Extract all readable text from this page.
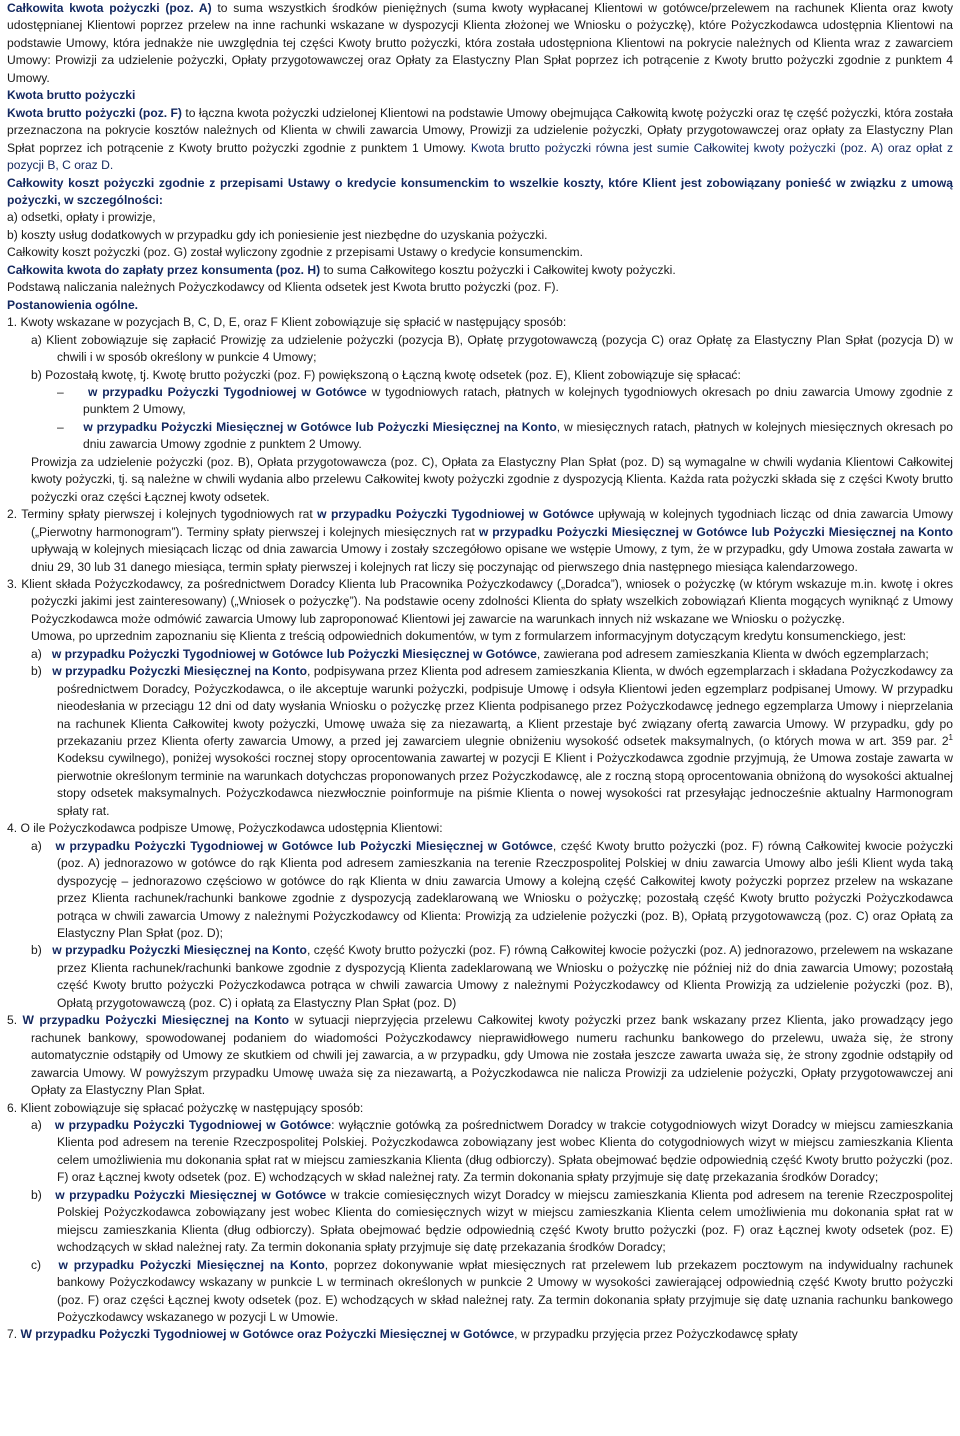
Całkowita kwota pożyczki (poz. A) to suma wszystkich środków pieniężnych (suma kwoty wypłacanej Klientowi w gotówce/przelewem na rachunek Klienta oraz kwoty udostępnianej Klientowi poprzez przelew na inne rachunki wskazane w dyspozycji Klienta złożonej we Wniosku o pożyczkę), które Pożyczkodawca udostępnia Klientowi na podstawie Umowy, która jednakże nie uwzględnia tej części Kwoty brutto pożyczki, która została udostępniona Klientowi na pokrycie należnych od Klienta wraz z zawarciem Umowy: Prowizji za udzielenie pożyczki, Opłaty przygotowawczej oraz Opłaty za Elastyczny Plan Spłat poprzez ich potrącenie z Kwoty brutto pożyczki zgodnie z punktem 4 Umowy.

Kwota brutto pożyczki

Kwota brutto pożyczki (poz. F) to łączna kwota pożyczki udzielonej Klientowi na podstawie Umowy obejmująca Całkowitą kwotę pożyczki oraz tę część pożyczki, która została przeznaczona na pokrycie kosztów należnych od Klienta w chwili zawarcia Umowy, Prowizji za udzielenie pożyczki, Opłaty przygotowawczej oraz opłaty za Elastyczny Plan Spłat poprzez ich potrącenie z Kwoty brutto pożyczki zgodnie z punktem 1 Umowy. Kwota brutto pożyczki równa jest sumie Całkowitej kwoty pożyczki (poz. A) oraz opłat z pozycji B, C oraz D.

Całkowity koszt pożyczki zgodnie z przepisami Ustawy o kredycie konsumenckim to wszelkie koszty, które Klient jest zobowiązany ponieść w związku z umową pożyczki, w szczególności:

a) odsetki, opłaty i prowizje,

b) koszty usług dodatkowych w przypadku gdy ich poniesienie jest niezbędne do uzyskania pożyczki.

Całkowity koszt pożyczki (poz. G) został wyliczony zgodnie z przepisami Ustawy o kredycie konsumenckim.

Całkowita kwota do zapłaty przez konsumenta (poz. H) to suma Całkowitego kosztu pożyczki i Całkowitej kwoty pożyczki.

Podstawą naliczania należnych Pożyczkodawcy od Klienta odsetek jest Kwota brutto pożyczki (poz. F).

Postanowienia ogólne.

1. Kwoty wskazane w pozycjach B, C, D, E, oraz F Klient zobowiązuje się spłacić w następujący sposób:

a) Klient zobowiązuje się zapłacić Prowizję za udzielenie pożyczki (pozycja B), Opłatę przygotowawczą (pozycja C) oraz Opłatę za Elastyczny Plan Spłat (pozycja D) w chwili i w sposób określony w punkcie 4 Umowy;

b) Pozostałą kwotę, tj. Kwotę brutto pożyczki (poz. F) powiększoną o Łączną kwotę odsetek (poz. E), Klient zobowiązuje się spłacać:

–     w przypadku Pożyczki Tygodniowej w Gotówce w tygodniowych ratach, płatnych w kolejnych tygodniowych okresach po dniu zawarcia Umowy zgodnie z punktem 2 Umowy,

–     w przypadku Pożyczki Miesięcznej w Gotówce lub Pożyczki Miesięcznej na Konto, w miesięcznych ratach, płatnych w kolejnych miesięcznych okresach po dniu zawarcia Umowy zgodnie z punktem 2 Umowy.

Prowizja za udzielenie pożyczki (poz. B), Opłata przygotowawcza (poz. C), Opłata za Elastyczny Plan Spłat (poz. D) są wymagalne w chwili wydania Klientowi Całkowitej kwoty pożyczki, tj. są należne w chwili wydania albo przelewu Całkowitej kwoty pożyczki zgodnie z dyspozycją Klienta. Każda rata pożyczki składa się z części Kwoty brutto pożyczki oraz części Łącznej kwoty odsetek.

2. Terminy spłaty pierwszej i kolejnych tygodniowych rat w przypadku Pożyczki Tygodniowej w Gotówce upływają w kolejnych tygodniach licząc od dnia zawarcia Umowy („Pierwotny harmonogram”). Terminy spłaty pierwszej i kolejnych miesięcznych rat w przypadku Pożyczki Miesięcznej w Gotówce lub Pożyczki Miesięcznej na Konto upływają w kolejnych miesiącach licząc od dnia zawarcia Umowy i zostały szczegółowo opisane we wstępie Umowy, z tym, że w przypadku, gdy Umowa została zawarta w dniu 29, 30 lub 31 danego miesiąca, termin spłaty pierwszej i kolejnych rat liczy się poczynając od pierwszego dnia następnego miesiąca kalendarzowego.

3. Klient składa Pożyczkodawcy, za pośrednictwem Doradcy Klienta lub Pracownika Pożyczkodawcy („Doradca”), wniosek o pożyczkę (w którym wskazuje m.in. kwotę i okres pożyczki jakimi jest zainteresowany) („Wniosek o pożyczkę”). Na podstawie oceny zdolności Klienta do spłaty wszelkich zobowiązań Klienta mogących wyniknąć z Umowy Pożyczkodawca może odmówić zawarcia Umowy lub zaproponować Klientowi jej zawarcie na warunkach innych niż wskazane we Wniosku o pożyczkę.

Umowa, po uprzednim zapoznaniu się Klienta z treścią odpowiednich dokumentów, w tym z formularzem informacyjnym dotyczącym kredytu konsumenckiego, jest:

a)   w przypadku Pożyczki Tygodniowej w Gotówce lub Pożyczki Miesięcznej w Gotówce, zawierana pod adresem zamieszkania Klienta w dwóch egzemplarzach;

b)   w przypadku Pożyczki Miesięcznej na Konto, podpisywana przez Klienta pod adresem zamieszkania Klienta, w dwóch egzemplarzach i składana Pożyczkodawcy za pośrednictwem Doradcy, Pożyczkodawca, o ile akceptuje warunki pożyczki, podpisuje Umowę i odsyła Klientowi jeden egzemplarz podpisanej Umowy. W przypadku nieodesłania w przeciągu 12 dni od daty wysłania Wniosku o pożyczkę przez Klienta podpisanego przez Pożyczkodawcę jednego egzemplarza Umowy i nieprzelania na rachunek Klienta Całkowitej kwoty pożyczki, Umowę uważa się za niezawartą, a Klient przestaje być związany ofertą zawarcia Umowy. W przypadku, gdy po przekazaniu przez Klienta oferty zawarcia Umowy, a przed jej zawarciem ulegnie obniżeniu wysokość odsetek maksymalnych, (o których mowa w art. 359 par. $2^1$ Kodeksu cywilnego), poniżej wysokości rocznej stopy oprocentowania zawartej w pozycji E Klient i Pożyczkodawca zgodnie przyjmują, że Umowa zostaje zawarta w pierwotnie określonym terminie na warunkach dotychczas proponowanych przez Pożyczkodawcę, ale z roczną stopą oprocentowania obniżoną do wysokości aktualnej stopy odsetek maksymalnych. Pożyczkodawca niezwłocznie poinformuje na piśmie Klienta o nowej wysokości rat przesyłając jednocześnie aktualny Harmonogram spłaty rat.

4. O ile Pożyczkodawca podpisze Umowę, Pożyczkodawca udostępnia Klientowi:

a)   w przypadku Pożyczki Tygodniowej w Gotówce lub Pożyczki Miesięcznej w Gotówce, część Kwoty brutto pożyczki (poz. F) równą Całkowitej kwocie pożyczki (poz. A) jednorazowo w gotówce do rąk Klienta pod adresem zamieszkania na terenie Rzeczpospolitej Polskiej w dniu zawarcia Umowy albo jeśli Klient wyda taką dyspozycję – jednorazowo częściowo w gotówce do rąk Klienta w dniu zawarcia Umowy a kolejną część Całkowitej kwoty pożyczki poprzez przelew na wskazane przez Klienta rachunek/rachunki bankowe zgodnie z dyspozycją zadeklarowaną we Wniosku o pożyczkę; pozostałą część Kwoty brutto pożyczki Pożyczkodawca potrąca w chwili zawarcia Umowy z należnymi Pożyczkodawcy od Klienta: Prowizją za udzielenie pożyczki (poz. B), Opłatą przygotowawczą (poz. C) oraz Opłatą za Elastyczny Plan Spłat (poz. D);

b)   w przypadku Pożyczki Miesięcznej na Konto, część Kwoty brutto pożyczki (poz. F) równą Całkowitej kwocie pożyczki (poz. A) jednorazowo, przelewem na wskazane przez Klienta rachunek/rachunki bankowe zgodnie z dyspozycją Klienta zadeklarowaną we Wniosku o pożyczkę nie później niż do dnia zawarcia Umowy; pozostałą część Kwoty brutto pożyczki Pożyczkodawca potrąca w chwili zawarcia Umowy z należnymi Pożyczkodawcy od Klienta Prowizją za udzielenie pożyczki (poz. B), Opłatą przygotowawczą (poz. C) i opłatą za Elastyczny Plan Spłat (poz. D)

5. W przypadku Pożyczki Miesięcznej na Konto w sytuacji nieprzyjęcia przelewu Całkowitej kwoty pożyczki przez bank wskazany przez Klienta, jako prowadzący jego rachunek bankowy, spowodowanej podaniem do wiadomości Pożyczkodawcy nieprawidłowego numeru rachunku bankowego do przelewu, uważa się, że strony automatycznie odstąpiły od Umowy ze skutkiem od chwili jej zawarcia, a w przypadku, gdy Umowa nie została jeszcze zawarta uważa się, że strony zgodnie odstąpiły od zawarcia Umowy. W powyższym przypadku Umowę uważa się za niezawartą, a Pożyczkodawca nie nalicza Prowizji za udzielenie pożyczki, Opłaty przygotowawczej ani Opłaty za Elastyczny Plan Spłat.

6. Klient zobowiązuje się spłacać pożyczkę w następujący sposób:

a)   w przypadku Pożyczki Tygodniowej w Gotówce: wyłącznie gotówką za pośrednictwem Doradcy w trakcie cotygodniowych wizyt Doradcy w miejscu zamieszkania Klienta pod adresem na terenie Rzeczpospolitej Polskiej. Pożyczkodawca zobowiązany jest wobec Klienta do cotygodniowych wizyt w miejscu zamieszkania Klienta celem umożliwienia mu dokonania spłat rat w miejscu zamieszkania Klienta (dług odbiorczy). Spłata obejmować będzie odpowiednią część Kwoty brutto pożyczki (poz. F) oraz Łącznej kwoty odsetek (poz. E) wchodzących w skład należnej raty. Za termin dokonania spłaty przyjmuje się datę przekazania środków Doradcy;

b)   w przypadku Pożyczki Miesięcznej w Gotówce w trakcie comiesięcznych wizyt Doradcy w miejscu zamieszkania Klienta pod adresem na terenie Rzeczpospolitej Polskiej Pożyczkodawca zobowiązany jest wobec Klienta do comiesięcznych wizyt w miejscu zamieszkania Klienta celem umożliwienia mu dokonania spłat rat w miejscu zamieszkania Klienta (dług odbiorczy). Spłata obejmować będzie odpowiednią część Kwoty brutto pożyczki (poz. F) oraz Łącznej kwoty odsetek (poz. E) wchodzących w skład należnej raty. Za termin dokonania spłaty przyjmuje się datę przekazania środków Doradcy;

c)   w przypadku Pożyczki Miesięcznej na Konto, poprzez dokonywanie wpłat miesięcznych rat przelewem lub przekazem pocztowym na indywidualny rachunek bankowy Pożyczkodawcy wskazany w punkcie L w terminach określonych w punkcie 2 Umowy w wysokości zawierającej odpowiednią część Kwoty brutto pożyczki (poz. F) oraz części Łącznej kwoty odsetek (poz. E) wchodzących w skład należnej raty. Za termin dokonania spłaty przyjmuje się datę uznania rachunku bankowego Pożyczkodawcy wskazanego w pozycji L w Umowie.

7. W przypadku Pożyczki Tygodniowej w Gotówce oraz Pożyczki Miesięcznej w Gotówce, w przypadku przyjęcia przez Pożyczkodawcę spłaty
